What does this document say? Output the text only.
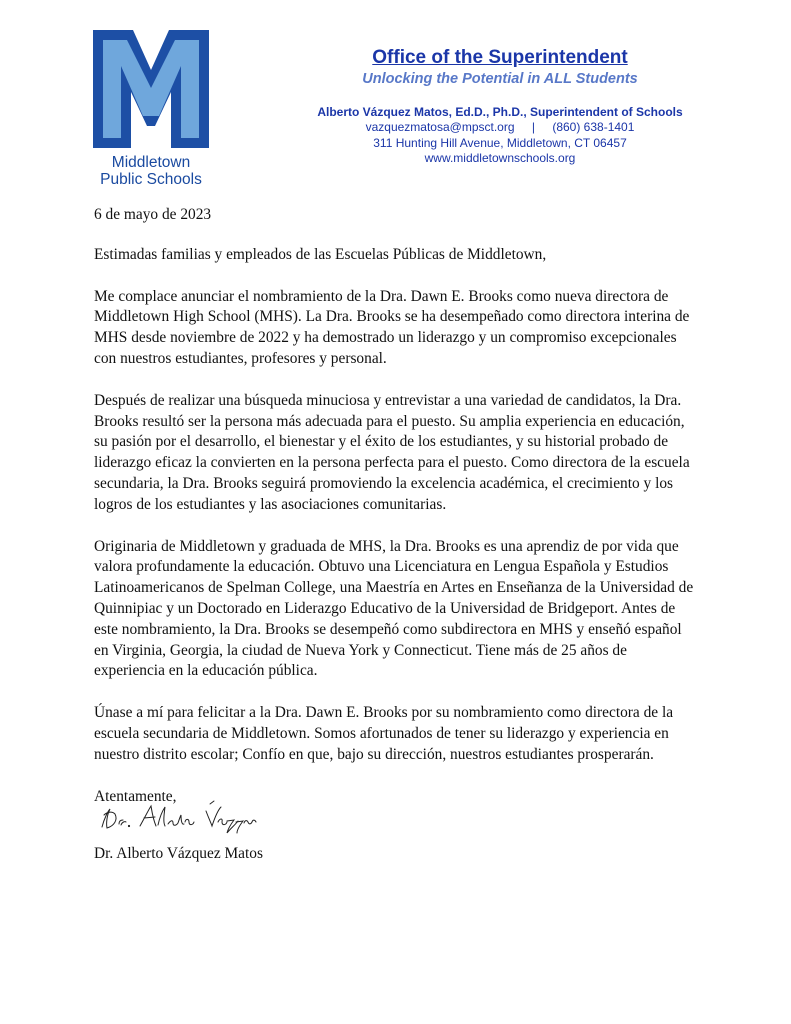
Middletown
Public Schools
Office of the Superintendent
Unlocking the Potential in ALL Students
Alberto Vázquez Matos, Ed.D., Ph.D., Superintendent of Schools
vazquezmatosa@mpsct.org | (860) 638-1401
311 Hunting Hill Avenue, Middletown, CT 06457
www.middletownschools.org

6 de mayo de 2023

Estimadas familias y empleados de las Escuelas Públicas de Middletown,

Me complace anunciar el nombramiento de la Dra. Dawn E. Brooks como nueva directora de Middletown High School (MHS). La Dra. Brooks se ha desempeñado como directora interina de MHS desde noviembre de 2022 y ha demostrado un liderazgo y un compromiso excepcionales con nuestros estudiantes, profesores y personal.

Después de realizar una búsqueda minuciosa y entrevistar a una variedad de candidatos, la Dra. Brooks resultó ser la persona más adecuada para el puesto. Su amplia experiencia en educación, su pasión por el desarrollo, el bienestar y el éxito de los estudiantes, y su historial probado de liderazgo eficaz la convierten en la persona perfecta para el puesto. Como directora de la escuela secundaria, la Dra. Brooks seguirá promoviendo la excelencia académica, el crecimiento y los logros de los estudiantes y las asociaciones comunitarias.

Originaria de Middletown y graduada de MHS, la Dra. Brooks es una aprendiz de por vida que valora profundamente la educación. Obtuvo una Licenciatura en Lengua Española y Estudios Latinoamericanos de Spelman College, una Maestría en Artes en Enseñanza de la Universidad de Quinnipiac y un Doctorado en Liderazgo Educativo de la Universidad de Bridgeport. Antes de este nombramiento, la Dra. Brooks se desempeñó como subdirectora en MHS y enseñó español en Virginia, Georgia, la ciudad de Nueva York y Connecticut. Tiene más de 25 años de experiencia en la educación pública.

Únase a mí para felicitar a la Dra. Dawn E. Brooks por su nombramiento como directora de la escuela secundaria de Middletown. Somos afortunados de tener su liderazgo y experiencia en nuestro distrito escolar; Confío en que, bajo su dirección, nuestros estudiantes prosperarán.

Atentamente,

Dr. Alberto Vázquez Matos
